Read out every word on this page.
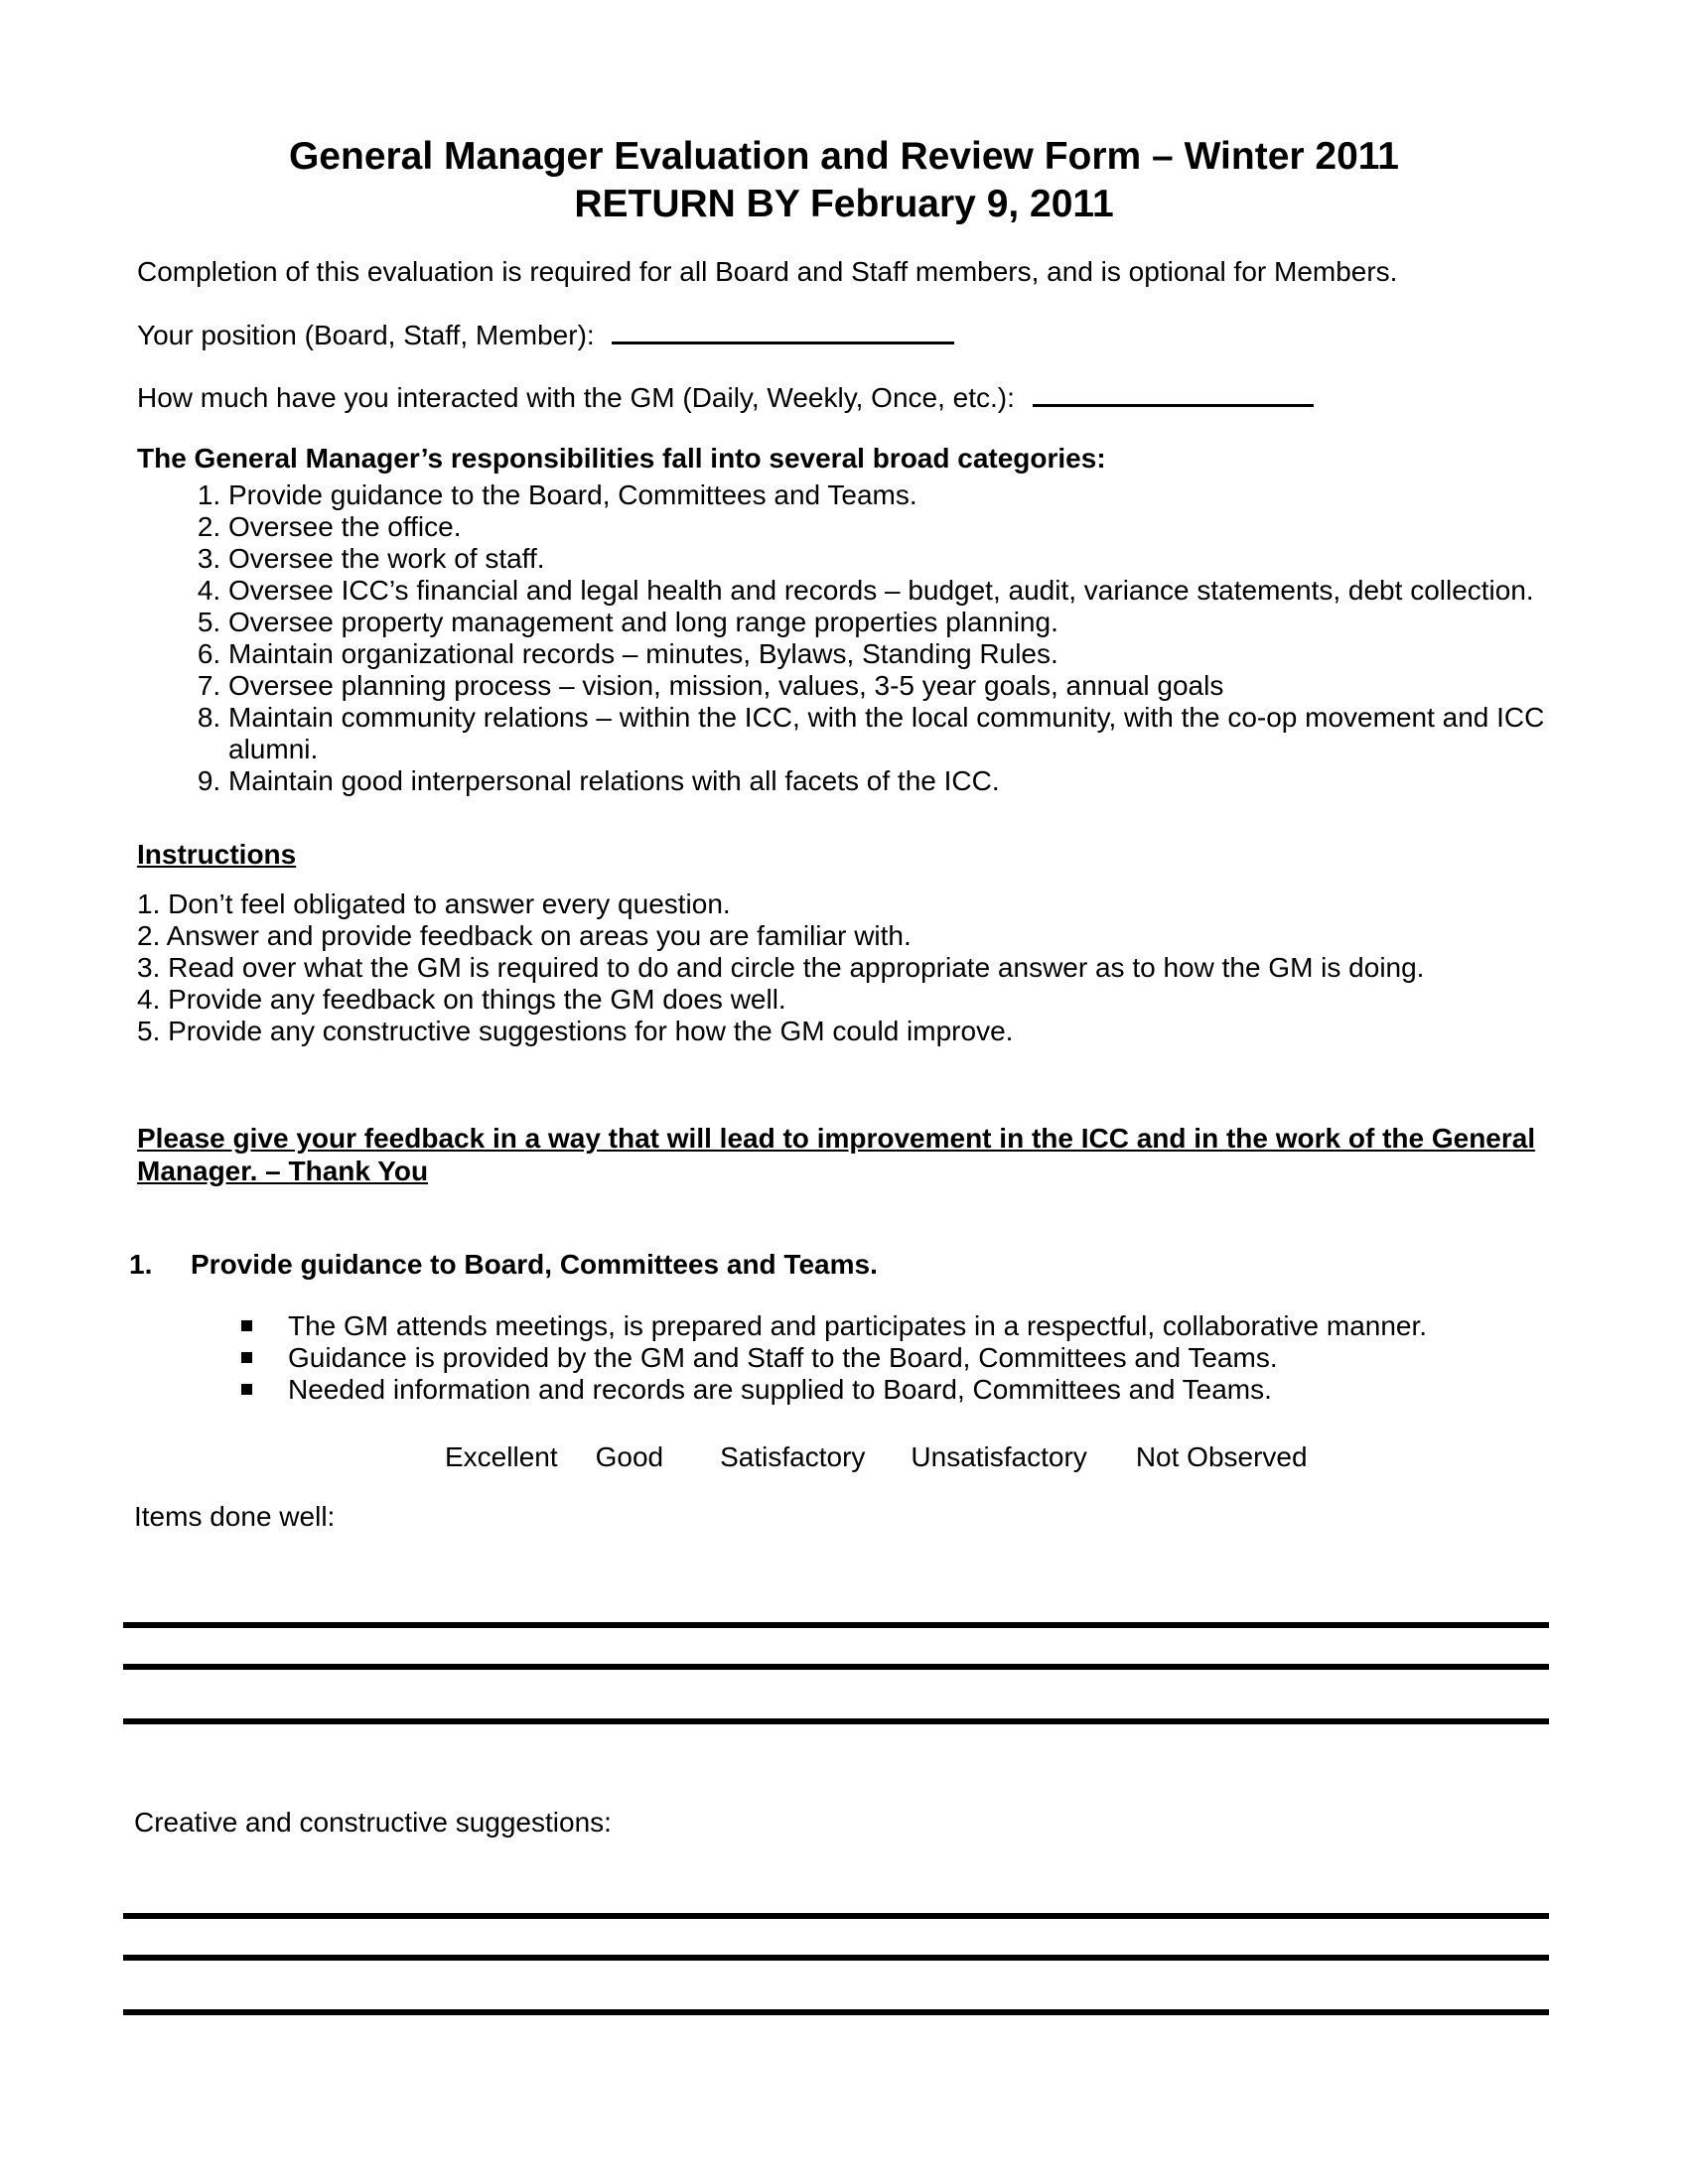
General Manager Evaluation and Review Form – Winter 2011
RETURN BY February 9, 2011
Completion of this evaluation is required for all Board and Staff members, and is optional for Members.
Your position (Board, Staff, Member):
How much have you interacted with the GM (Daily, Weekly, Once, etc.):
The General Manager’s responsibilities fall into several broad categories:
1. Provide guidance to the Board, Committees and Teams.
2. Oversee the office.
3. Oversee the work of staff.
4. Oversee ICC’s financial and legal health and records – budget, audit, variance statements, debt collection.
5. Oversee property management and long range properties planning.
6. Maintain organizational records – minutes, Bylaws, Standing Rules.
7. Oversee planning process – vision, mission, values, 3-5 year goals, annual goals
8. Maintain community relations – within the ICC, with the local community, with the co-op movement and ICC alumni.
9. Maintain good interpersonal relations with all facets of the ICC.
Instructions
1. Don’t feel obligated to answer every question.
2. Answer and provide feedback on areas you are familiar with.
3. Read over what the GM is required to do and circle the appropriate answer as to how the GM is doing.
4. Provide any feedback on things the GM does well.
5. Provide any constructive suggestions for how the GM could improve.
Please give your feedback in a way that will lead to improvement in the ICC and in the work of the General Manager. – Thank You
1.	Provide guidance to Board, Committees and Teams.
The GM attends meetings, is prepared and participates in a respectful, collaborative manner.
Guidance is provided by the GM and Staff to the Board, Committees and Teams.
Needed information and records are supplied to Board, Committees and Teams.
Excellent Good Satisfactory Unsatisfactory Not Observed
Items done well:
Creative and constructive suggestions:
